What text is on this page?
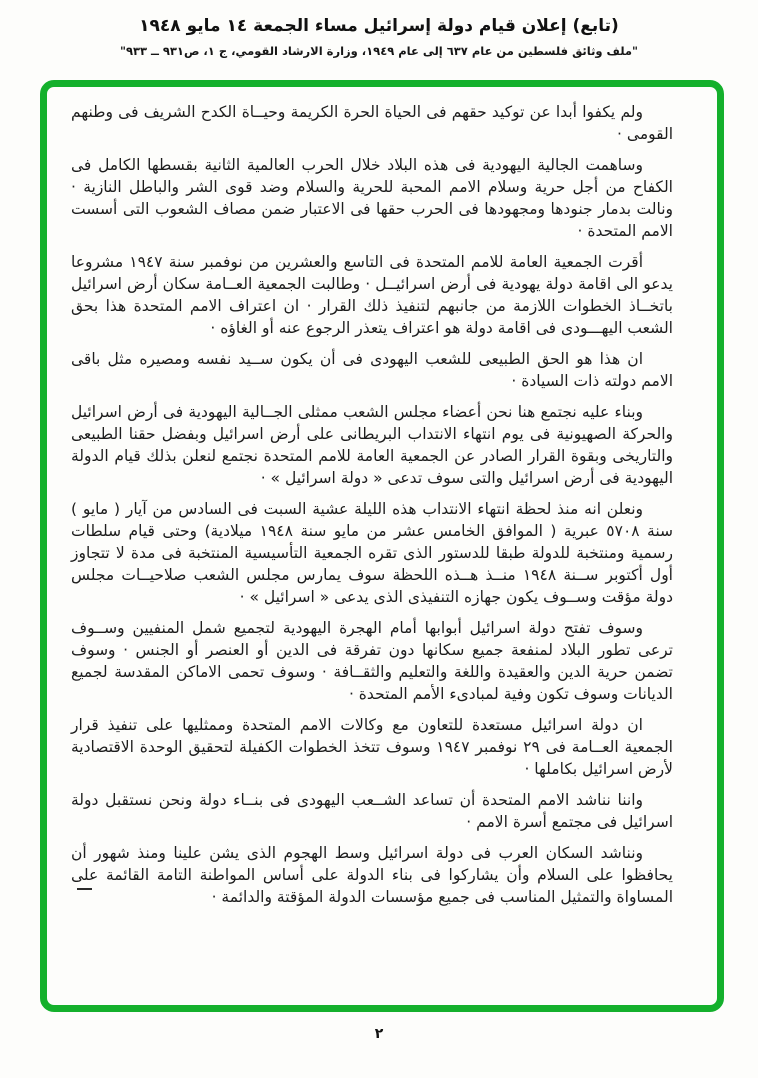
(تابع) إعلان قيام دولة إسرائيل مساء الجمعة ١٤ مايو ١٩٤٨
"ملف وثائق فلسطين من عام ٦٣٧ إلى عام ١٩٤٩، وزارة الارشاد القومي، ج ١، ص٩٣١ ــ ٩٣٣"

ولم يكفوا أبدا عن توكيد حقهم فى الحياة الحرة الكريمة وحيــاة الكدح الشريف فى وطنهم القومى ·

وساهمت الجالية اليهودية فى هذه البلاد خلال الحرب العالمية الثانية بقسطها الكامل فى الكفاح من أجل حرية وسلام الامم المحبة للحرية والسلام وضد قوى الشر والباطل النازية · ونالت بدمار جنودها ومجهودها فى الحرب حقها فى الاعتبار ضمن مصاف الشعوب التى أسست الامم المتحدة ·

أقرت الجمعية العامة للامم المتحدة فى التاسع والعشرين من نوفمبر سنة ١٩٤٧ مشروعا يدعو الى اقامة دولة يهودية فى أرض اسرائيــل · وطالبت الجمعية العــامة سكان أرض اسرائيل باتخــاذ الخطوات اللازمة من جانبهم لتنفيذ ذلك القرار · ان اعتراف الامم المتحدة هذا بحق الشعب اليهـــودى فى اقامة دولة هو اعتراف يتعذر الرجوع عنه أو الغاؤه ·

ان هذا هو الحق الطبيعى للشعب اليهودى فى أن يكون ســيد نفسه ومصيره مثل باقى الامم دولته ذات السيادة ·

وبناء عليه نجتمع هنا نحن أعضاء مجلس الشعب ممثلى الجــالية اليهودية فى أرض اسرائيل والحركة الصهيونية فى يوم انتهاء الانتداب البريطانى على أرض اسرائيل وبفضل حقنا الطبيعى والتاريخى وبقوة القرار الصادر عن الجمعية العامة للامم المتحدة نجتمع لنعلن بذلك قيام الدولة اليهودية فى أرض اسرائيل والتى سوف تدعى « دولة اسرائيل » ·

ونعلن انه منذ لحظة انتهاء الانتداب هذه الليلة عشية السبت فى السادس من آيار ( مايو ) سنة ٥٧٠٨ عبرية ( الموافق الخامس عشر من مايو سنة ١٩٤٨ ميلادية) وحتى قيام سلطات رسمية ومنتخبة للدولة طبقا للدستور الذى تقره الجمعية التأسيسية المنتخبة فى مدة لا تتجاوز أول أكتوبر ســنة ١٩٤٨ منــذ هــذه اللحظة سوف يمارس مجلس الشعب صلاحيــات مجلس دولة مؤقت وســوف يكون جهازه التنفيذى الذى يدعى « اسرائيل » ·

وسوف تفتح دولة اسرائيل أبوابها أمام الهجرة اليهودية لتجميع شمل المنفيين وســوف ترعى تطور البلاد لمنفعة جميع سكانها دون تفرقة فى الدين أو العنصر أو الجنس · وسوف تضمن حرية الدين والعقيدة واللغة والتعليم والثقــافة · وسوف تحمى الاماكن المقدسة لجميع الديانات وسوف تكون وفية لمبادىء الأمم المتحدة ·

ان دولة اسرائيل مستعدة للتعاون مع وكالات الامم المتحدة وممثليها على تنفيذ قرار الجمعية العــامة فى ٢٩ نوفمبر ١٩٤٧ وسوف تتخذ الخطوات الكفيلة لتحقيق الوحدة الاقتصادية لأرض اسرائيل بكاملها ·

واننا نناشد الامم المتحدة أن تساعد الشــعب اليهودى فى بنــاء دولة ونحن نستقبل دولة اسرائيل فى مجتمع أسرة الامم ·

ونناشد السكان العرب فى دولة اسرائيل وسط الهجوم الذى يشن علينا ومنذ شهور أن يحافظوا على السلام وأن يشاركوا فى بناء الدولة على أساس المواطنة التامة القائمة على المساواة والتمثيل المناسب فى جميع مؤسسات الدولة المؤقتة والدائمة ·

٢
